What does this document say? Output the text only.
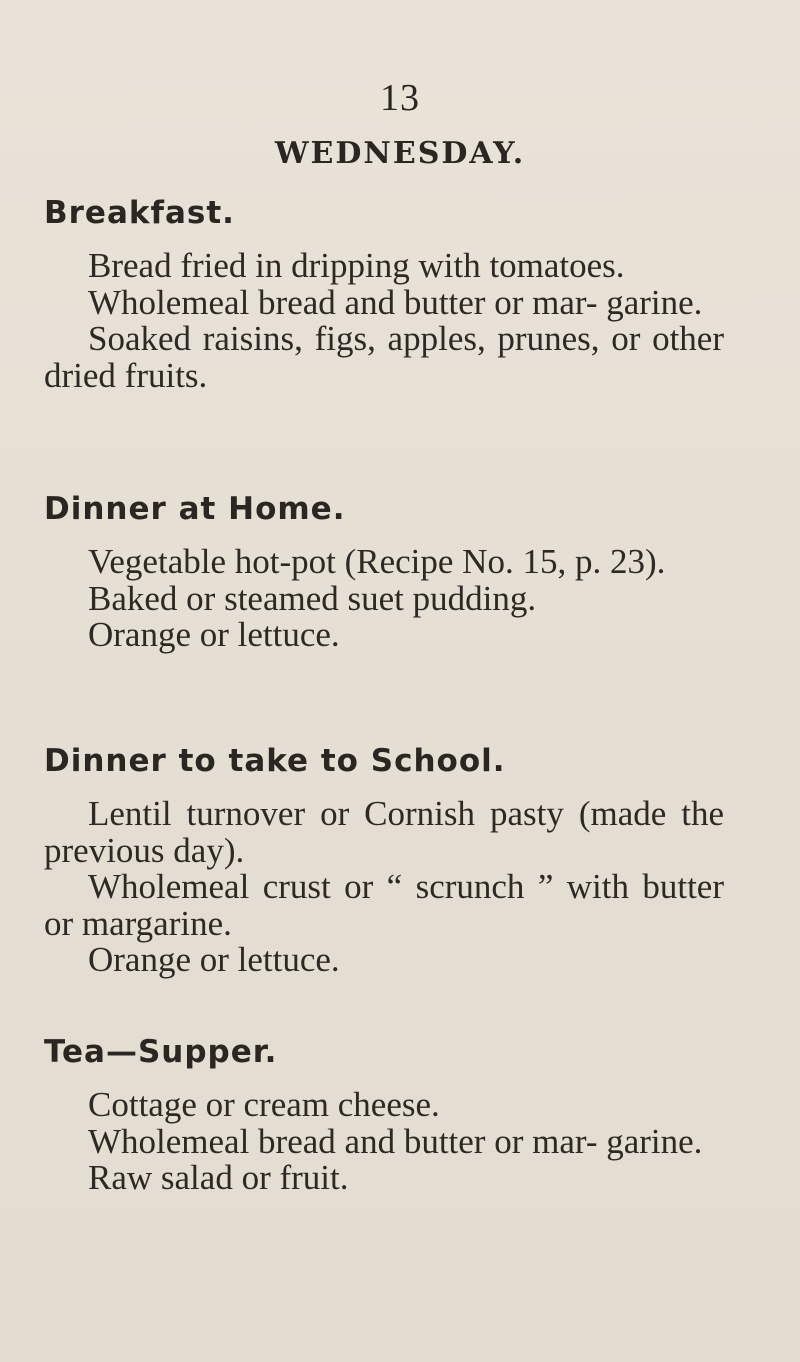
13
WEDNESDAY.
Breakfast.

Bread fried in dripping with tomatoes.

Wholemeal bread and butter or mar- garine.

Soaked raisins, figs, apples, prunes, or other dried fruits.

Dinner at Home.

Vegetable hot-pot (Recipe No. 15, p. 23).

Baked or steamed suet pudding.

Orange or lettuce.

Dinner to take to School.

Lentil turnover or Cornish pasty (made the previous day).

Wholemeal crust or “ scrunch ” with butter or margarine.

Orange or lettuce.

Tea—Supper.

Cottage or cream cheese.

Wholemeal bread and butter or mar- garine.

Raw salad or fruit.
